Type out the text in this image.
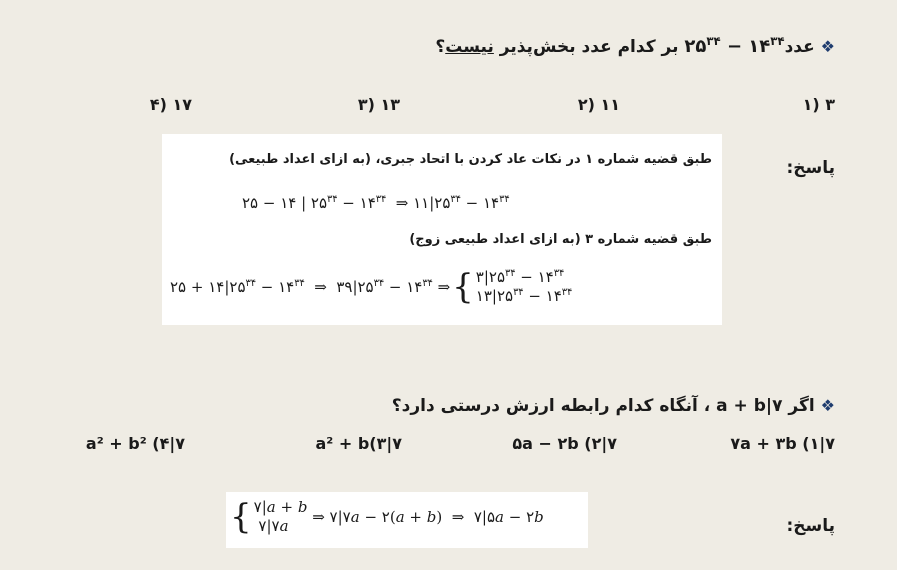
❖ $عدد۲۵^{۳۴}$ − $۱۴^{۳۴}$ بر کدام عدد بخش‌پذیر نیست؟
۳ (۱
۱۱ (۲
۱۳ (۳
۱۷ (۴
پاسخ:
طبق قضیه شماره ۱ در نکات عاد کردن با اتحاد جبری، (به ازای اعداد طبیعی)
۲۵ − ۱۴ | $۲۵^{۳۴}$ − $۱۴^{۳۴}$  ⇒ $۱۱|۲۵^{۳۴}$ − $۱۴^{۳۴}$
طبق قضیه شماره ۳ (به ازای اعداد طبیعی زوج)
۲۵ + $۱۴|۲۵^{۳۴}$ − $۱۴^{۳۴}$  ⇒  $۳۹|۲۵^{۳۴}$ − $۱۴^{۳۴}$ ⇒ { $۳|۲۵^{۳۴}$ − $۱۴^{۳۴}$
$۱۳|۲۵^{۳۴}$ − $۱۴^{۳۴}$
❖ اگر ۷|a + b ، آنگاه کدام رابطه ارزش درستی دارد؟
۷|۷a + ۳b (۱
۷|۵a − ۲b (۲
۷|a² + b(۳
۷|a² + b² (۴
پاسخ:
{ ۷|a + b
۷|۷a	⇒ ۷|۷a − ۲(a + b)  ⇒  ۷|۵a − ۲b
